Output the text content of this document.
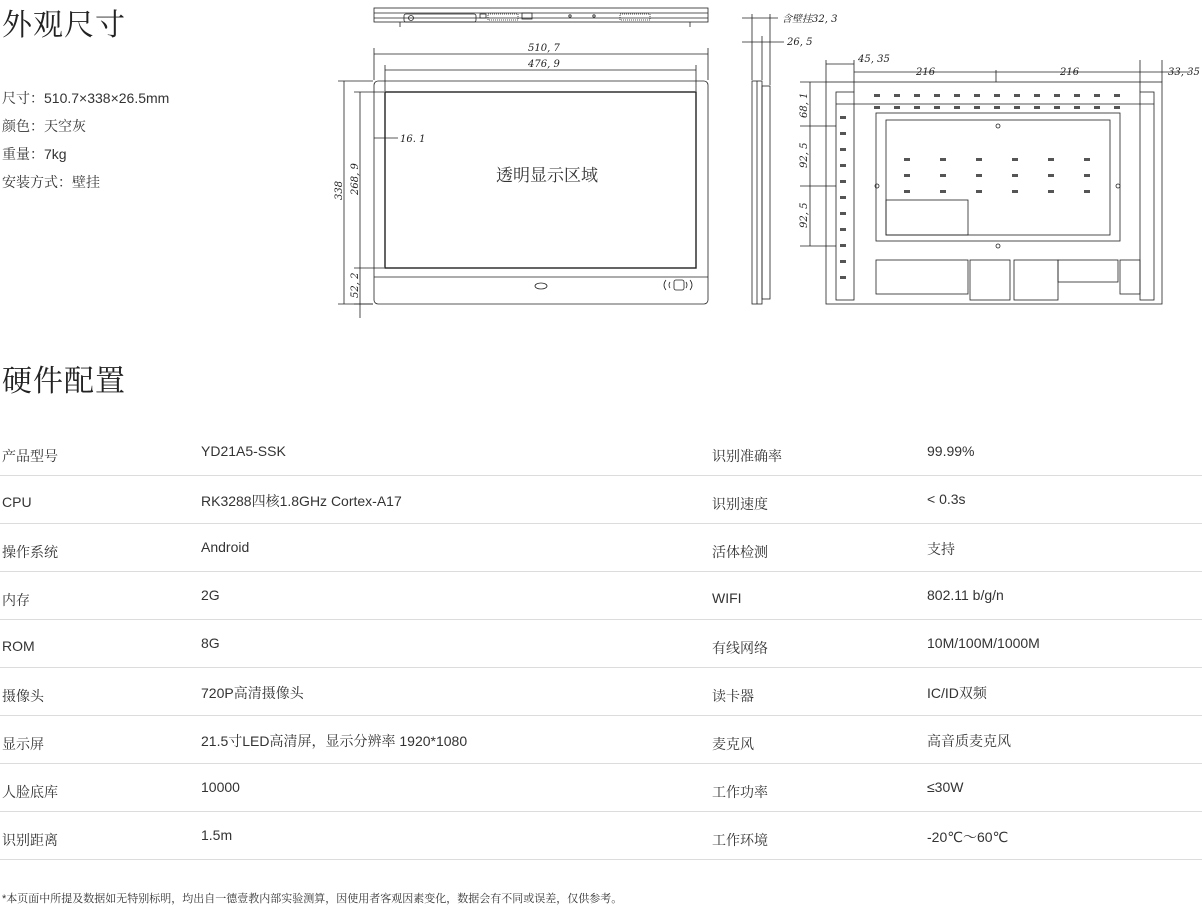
外观尺寸
尺寸：510.7×338×26.5mm
颜色：天空灰
重量：7kg
安装方式：壁挂
510, 7
476, 9
338 268, 9
52, 2
16. 1
透明显示区域
含壁挂32, 3
26, 5
45, 35
216	216	33, 35
68, 1
92, 5
92, 5
硬件配置
产品型号	YD21A5-SSK	识别准确率	99.99%
CPU	RK3288四核1.8GHz Cortex-A17	识别速度	< 0.3s
操作系统	Android	活体检测	支持
内存	2G	WIFI	802.11 b/g/n
ROM	8G	有线网络	10M/100M/1000M
摄像头	720P高清摄像头	读卡器	IC/ID双频
显示屏	21.5寸LED高清屏，显示分辨率 1920*1080	麦克风	高音质麦克风
人脸底库	10000	工作功率	≤30W
识别距离	1.5m	工作环境	-20℃～60℃
*本页面中所提及数据如无特别标明，均出自一德壹教内部实验测算，因使用者客观因素变化，数据会有不同或误差，仅供参考。
